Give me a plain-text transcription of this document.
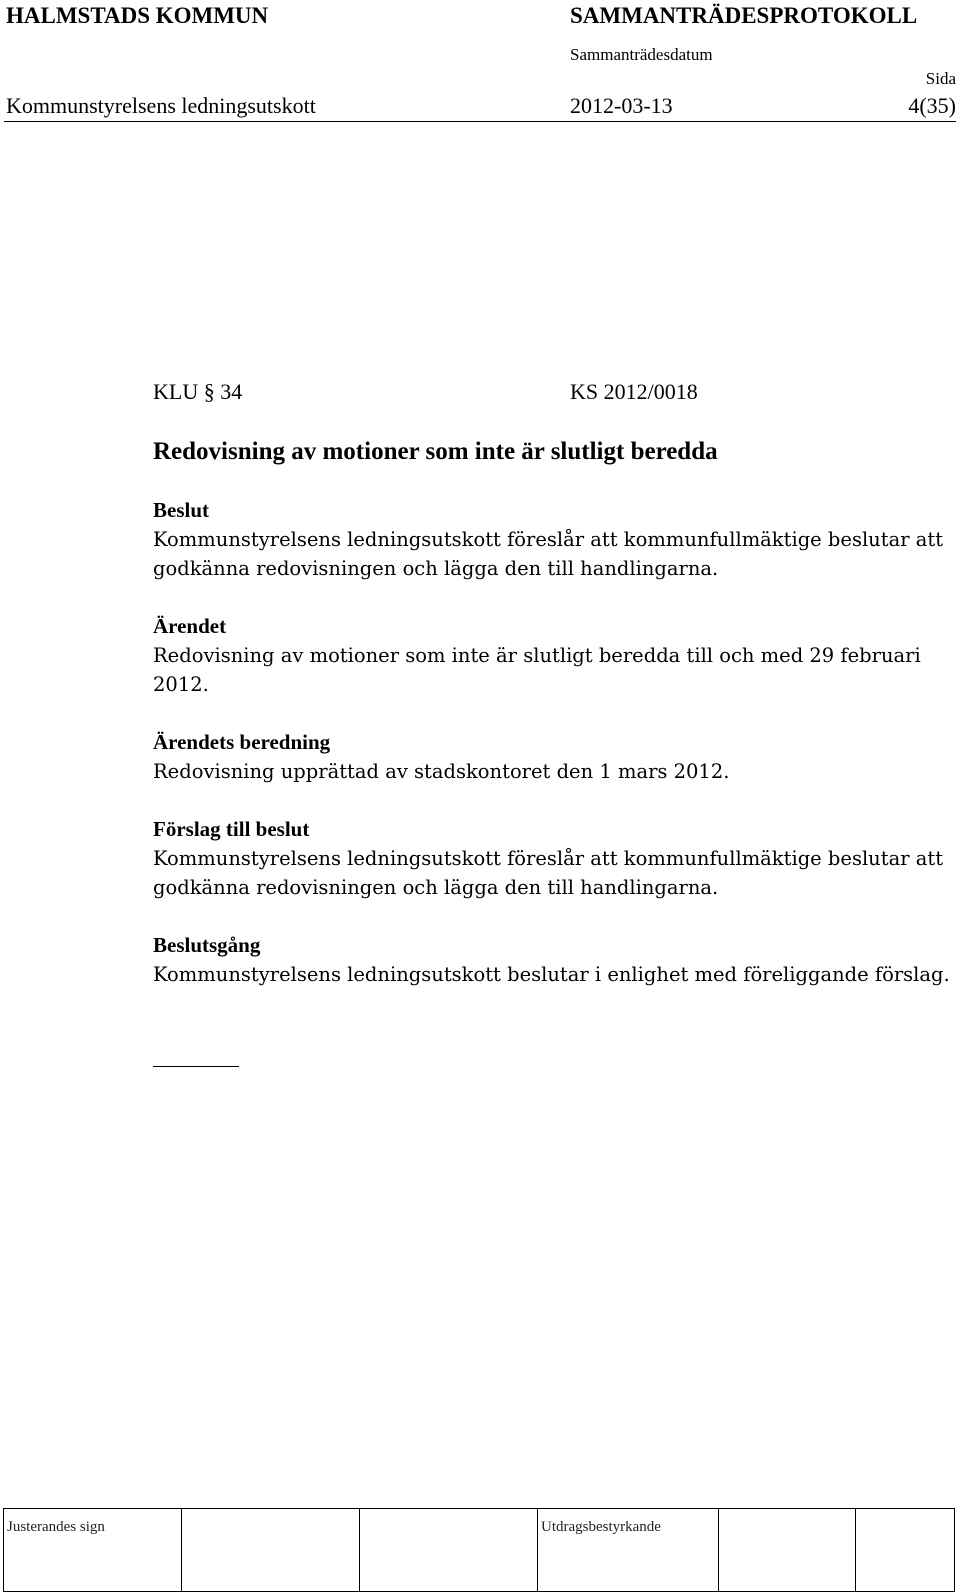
HALMSTADS KOMMUN	SAMMANTRÄDESPROTOKOLL
Sammanträdesdatum
Sida
Kommunstyrelsens ledningsutskott	2012-03-13	4(35)
KLU § 34	KS 2012/0018
Redovisning av motioner som inte är slutligt beredda
Beslut
Kommunstyrelsens ledningsutskott föreslår att kommunfullmäktige beslutar att godkänna redovisningen och lägga den till handlingarna.
Ärendet
Redovisning av motioner som inte är slutligt beredda till och med 29 februari 2012.
Ärendets beredning
Redovisning upprättad av stadskontoret den 1 mars 2012.
Förslag till beslut
Kommunstyrelsens ledningsutskott föreslår att kommunfullmäktige beslutar att godkänna redovisningen och lägga den till handlingarna.
Beslutsgång
Kommunstyrelsens ledningsutskott beslutar i enlighet med föreliggande förslag.
Justerandes sign	Utdragsbestyrkande
